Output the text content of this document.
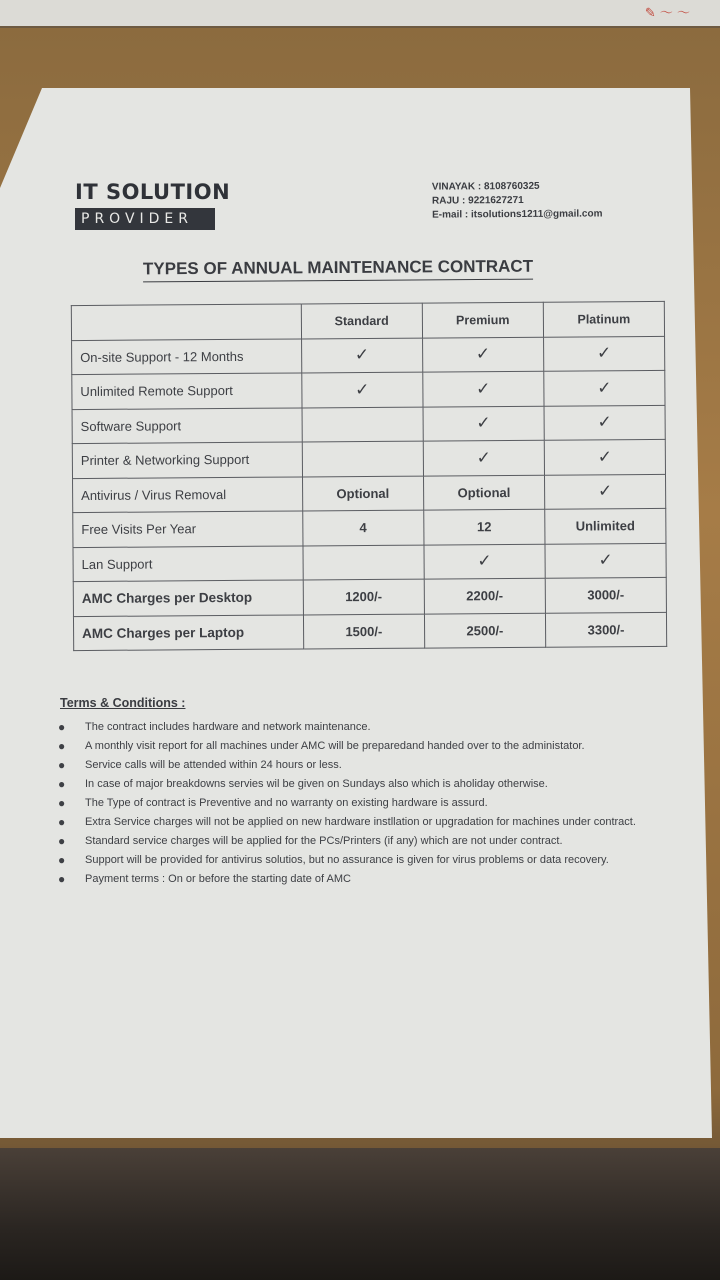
✎ ～ ～
IT SOLUTION
PROVIDER
VINAYAK : 8108760325
RAJU : 9221627271
E-mail : itsolutions1211@gmail.com
TYPES OF ANNUAL MAINTENANCE CONTRACT
	Standard	Premium	Platinum
On-site Support - 12 Months	✓	✓	✓
Unlimited Remote Support	✓	✓	✓
Software Support		✓	✓
Printer & Networking Support		✓	✓
Antivirus / Virus Removal	Optional	Optional	✓
Free Visits Per Year	4	12	Unlimited
Lan Support		✓	✓
AMC Charges per Desktop	1200/-	2200/-	3000/-
AMC Charges per Laptop	1500/-	2500/-	3300/-
Terms & Conditions :
● The contract includes hardware and network maintenance.
● A monthly visit report for all machines under AMC will be preparedand handed over to the administator.
● Service calls will be attended within 24 hours or less.
● In case of major breakdowns servies wil be given on Sundays also which is aholiday otherwise.
● The Type of contract is Preventive and no warranty on existing hardware is assurd.
● Extra Service charges will not be applied on new hardware instllation or upgradation for machines under contract.
● Standard service charges will be applied for the PCs/Printers (if any) which are not under contract.
● Support will be provided for antivirus solutios, but no assurance is given for virus problems or data recovery.
● Payment terms : On or before the starting date of AMC
